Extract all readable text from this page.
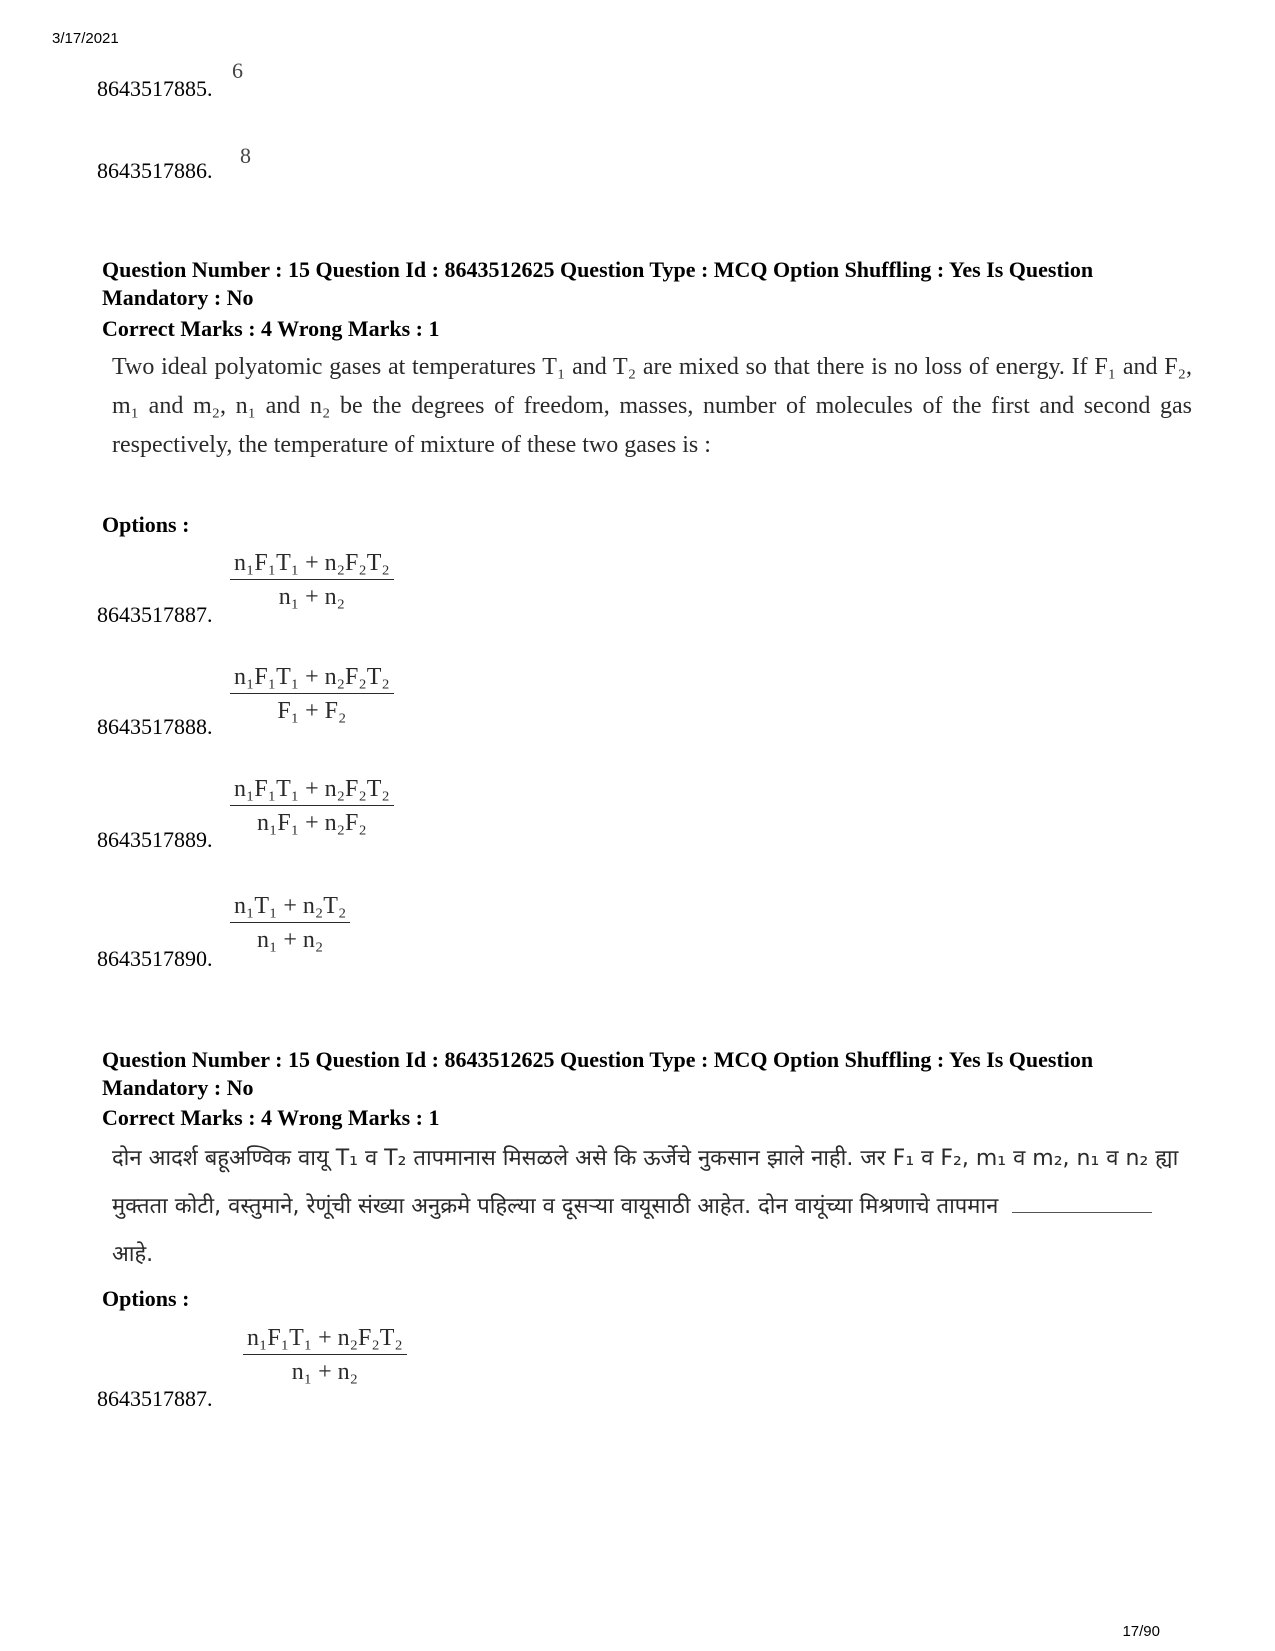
3/17/2021
8643517885.
6
8643517886.
8
Question Number : 15 Question Id : 8643512625 Question Type : MCQ Option Shuffling : Yes Is Question Mandatory : No
Correct Marks : 4 Wrong Marks : 1
Two ideal polyatomic gases at temperatures T₁ and T₂ are mixed so that there is no loss of energy. If F₁ and F₂, m₁ and m₂, n₁ and n₂ be the degrees of freedom, masses, number of molecules of the first and second gas respectively, the temperature of mixture of these two gases is :
Options :
8643517887.
$\frac{\text{n₁F₁T₁ + n₂F₂T₂}}{\text{n₁ + n₂}}$
8643517888.
$\frac{\text{n₁F₁T₁ + n₂F₂T₂}}{\text{F₁ + F₂}}$
8643517889.
$\frac{\text{n₁F₁T₁ + n₂F₂T₂}}{\text{n₁F₁ + n₂F₂}}$
8643517890.
$\frac{\text{n₁T₁ + n₂T₂}}{\text{n₁ + n₂}}$
Question Number : 15 Question Id : 8643512625 Question Type : MCQ Option Shuffling : Yes Is Question Mandatory : No
Correct Marks : 4 Wrong Marks : 1
दोन आदर्श बहूअण्विक वायू T₁ व T₂ तापमानास मिसळले असे कि ऊर्जेचे नुकसान झाले नाही. जर F₁ व F₂, m₁ व m₂, n₁ व n₂ ह्या मुक्तता कोटी, वस्तुमाने, रेणूंची संख्या अनुक्रमे पहिल्या व दूसऱ्या वायूसाठी आहेत. दोन वायूंच्या मिश्रणाचे तापमानआहे.
Options :
8643517887.
$\frac{\text{n₁F₁T₁ + n₂F₂T₂}}{\text{n₁ + n₂}}$
17/90
